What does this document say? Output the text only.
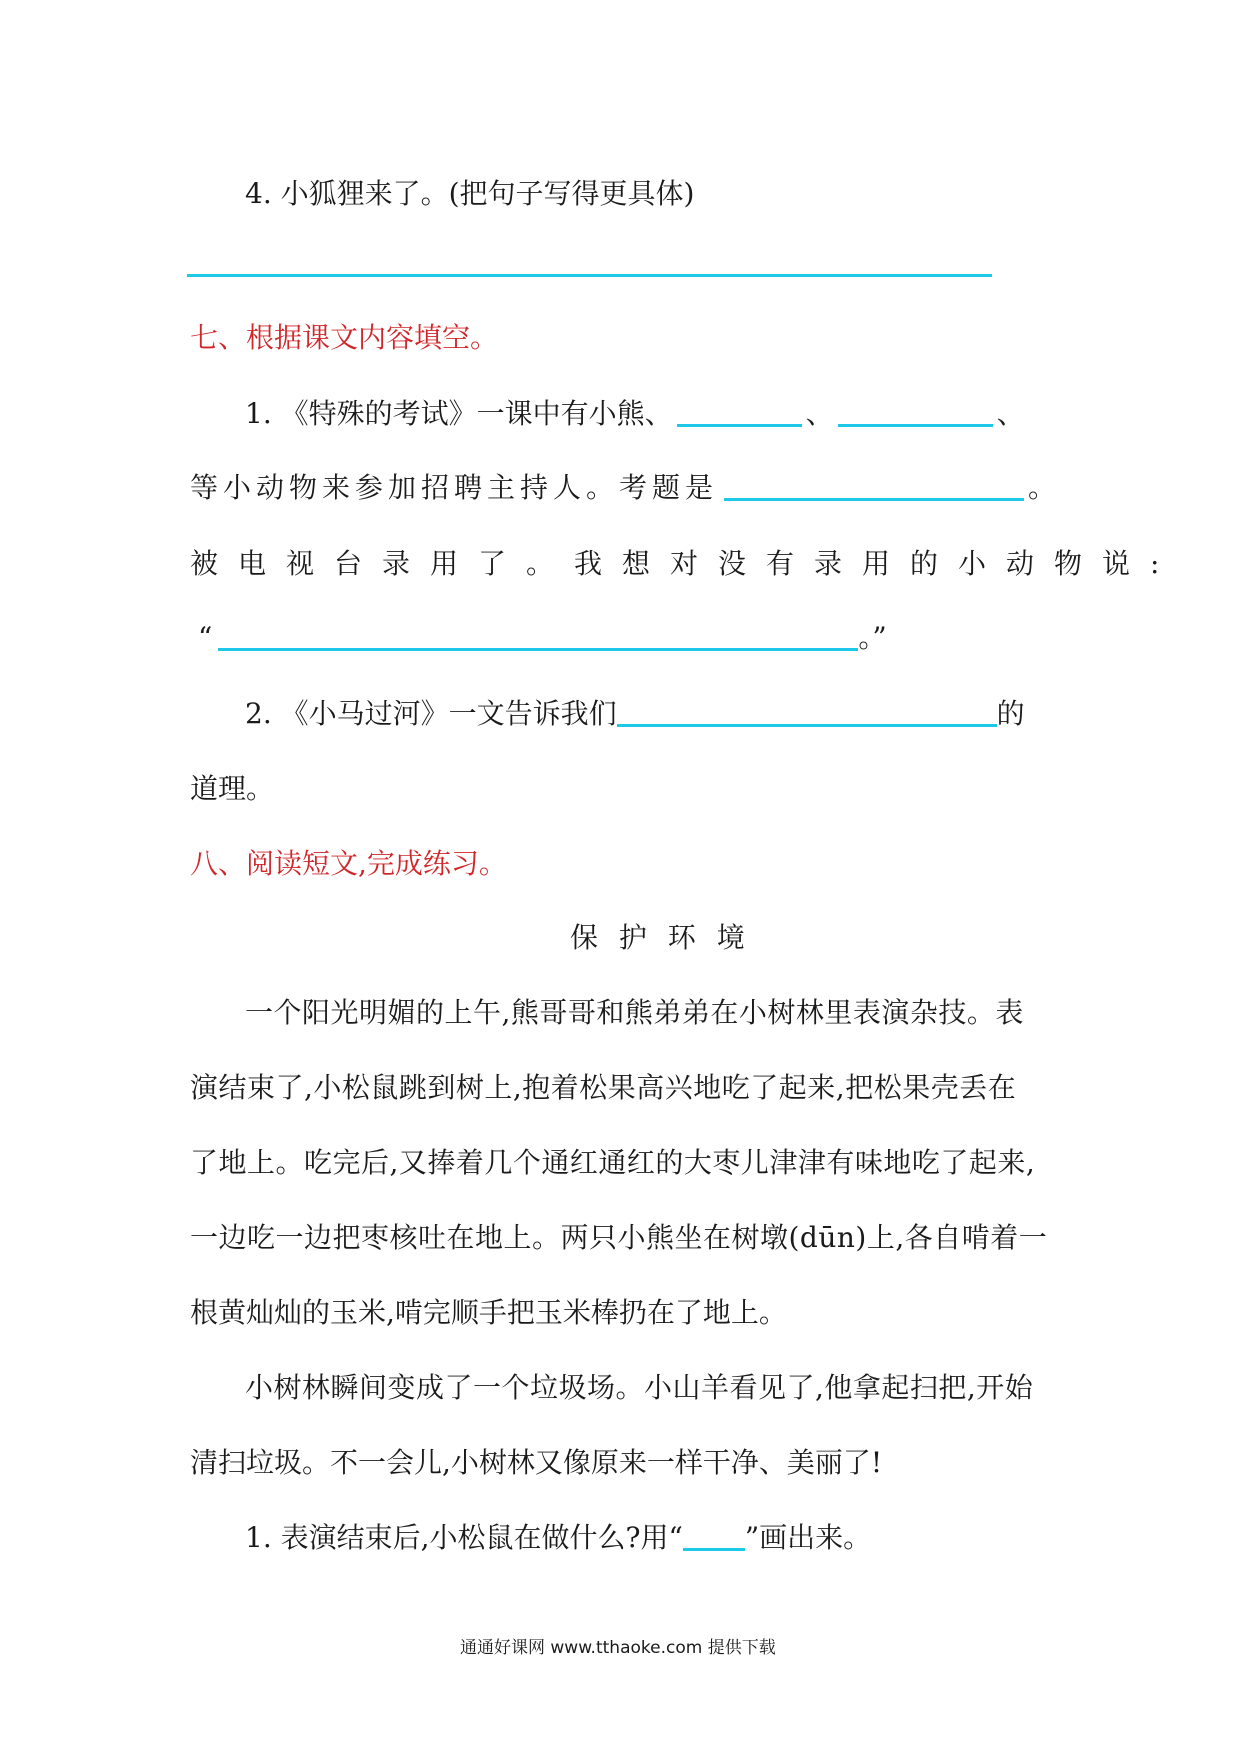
4. 小狐狸来了。(把句子写得更具体)
七、根据课文内容填空。
1. 《特殊的考试》一课中有小熊、	、	、
等小动物来参加招聘主持人。考题是	。
被电视台录用了。我想对没有录用的小动物说:
“	。”
2. 《小马过河》一文告诉我们	的
道理。
八、阅读短文,完成练习。
保 护 环 境
一个阳光明媚的上午,熊哥哥和熊弟弟在小树林里表演杂技。表
演结束了,小松鼠跳到树上,抱着松果高兴地吃了起来,把松果壳丢在
了地上。吃完后,又捧着几个通红通红的大枣儿津津有味地吃了起来,
一边吃一边把枣核吐在地上。两只小熊坐在树墩(dūn)上,各自啃着一
根黄灿灿的玉米,啃完顺手把玉米棒扔在了地上。
小树林瞬间变成了一个垃圾场。小山羊看见了,他拿起扫把,开始
清扫垃圾。不一会儿,小树林又像原来一样干净、美丽了!
1. 表演结束后,小松鼠在做什么?用“ ”画出来。
通通好课网 www.tthaoke.com 提供下载
